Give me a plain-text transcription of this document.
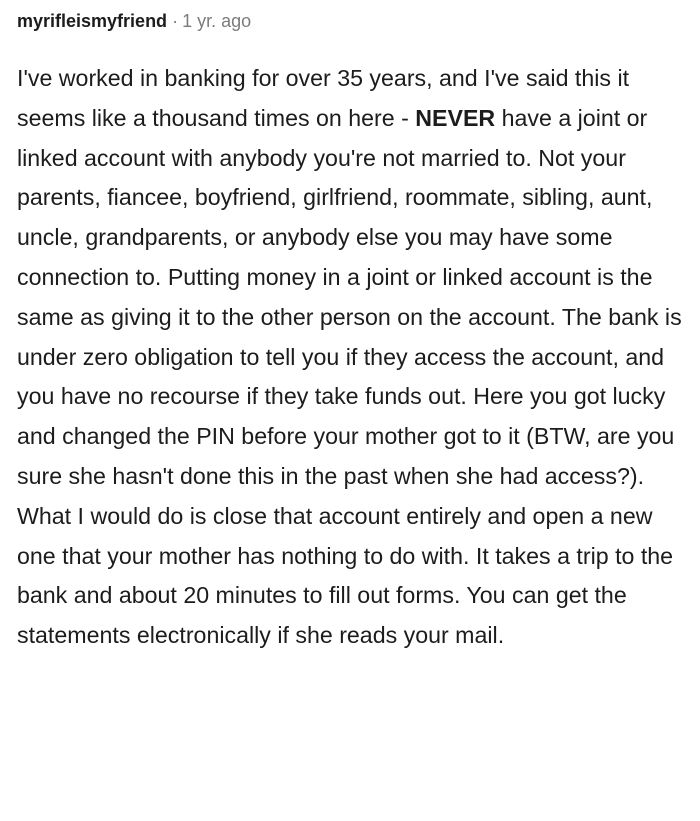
myrifleismyfriend · 1 yr. ago

I've worked in banking for over 35 years, and I've said this it seems like a thousand times on here - NEVER have a joint or linked account with anybody you're not married to. Not your parents, fiancee, boyfriend, girlfriend, roommate, sibling, aunt, uncle, grandparents, or anybody else you may have some connection to. Putting money in a joint or linked account is the same as giving it to the other person on the account. The bank is under zero obligation to tell you if they access the account, and you have no recourse if they take funds out. Here you got lucky and changed the PIN before your mother got to it (BTW, are you sure she hasn't done this in the past when she had access?). What I would do is close that account entirely and open a new one that your mother has nothing to do with. It takes a trip to the bank and about 20 minutes to fill out forms. You can get the statements electronically if she reads your mail.
